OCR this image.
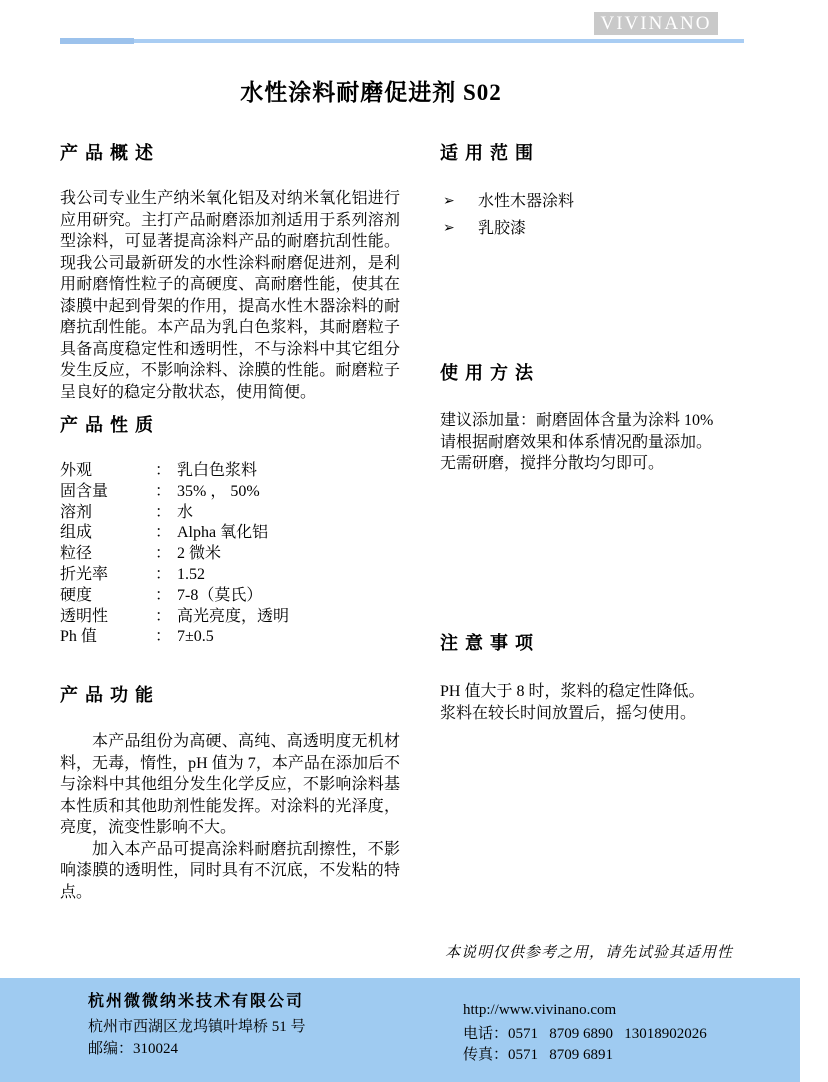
VIVINANO
水性涂料耐磨促进剂 S02
产品概述
我公司专业生产纳米氧化铝及对纳米氧化铝进行应用研究。主打产品耐磨添加剂适用于系列溶剂型涂料，可显著提高涂料产品的耐磨抗刮性能。现我公司最新研发的水性涂料耐磨促进剂，是利用耐磨惰性粒子的高硬度、高耐磨性能，使其在漆膜中起到骨架的作用，提高水性木器涂料的耐磨抗刮性能。本产品为乳白色浆料，其耐磨粒子具备高度稳定性和透明性，不与涂料中其它组分发生反应，不影响涂料、涂膜的性能。耐磨粒子呈良好的稳定分散状态，使用简便。
产品性质
外观	： 乳白色浆料
固含量	： 35% ， 50%
溶剂	： 水
组成	： Alpha 氧化铝
粒径	： 2 微米
折光率	： 1.52
硬度	： 7-8（莫氏）
透明性	： 高光亮度，透明
Ph 值	： 7±0.5
产品功能

本产品组份为高硬、高纯、高透明度无机材料，无毒，惰性，pH 值为 7，本产品在添加后不与涂料中其他组分发生化学反应，不影响涂料基本性质和其他助剂性能发挥。对涂料的光泽度，亮度，流变性影响不大。

加入本产品可提高涂料耐磨抗刮擦性，不影响漆膜的透明性，同时具有不沉底，不发粘的特点。

适用范围
➢	水性木器涂料
➢	乳胶漆
使用方法
建议添加量：耐磨固体含量为涂料 10%
请根据耐磨效果和体系情况酌量添加。
无需研磨，搅拌分散均匀即可。
注意事项
PH 值大于 8 时，浆料的稳定性降低。
浆料在较长时间放置后，摇匀使用。
本说明仅供参考之用，请先试验其适用性
杭州微微纳米技术有限公司
杭州市西湖区龙坞镇叶埠桥 51 号
邮编：310024
http://www.vivinano.com
电话：0571   8709 6890   13018902026
传真：0571   8709 6891
